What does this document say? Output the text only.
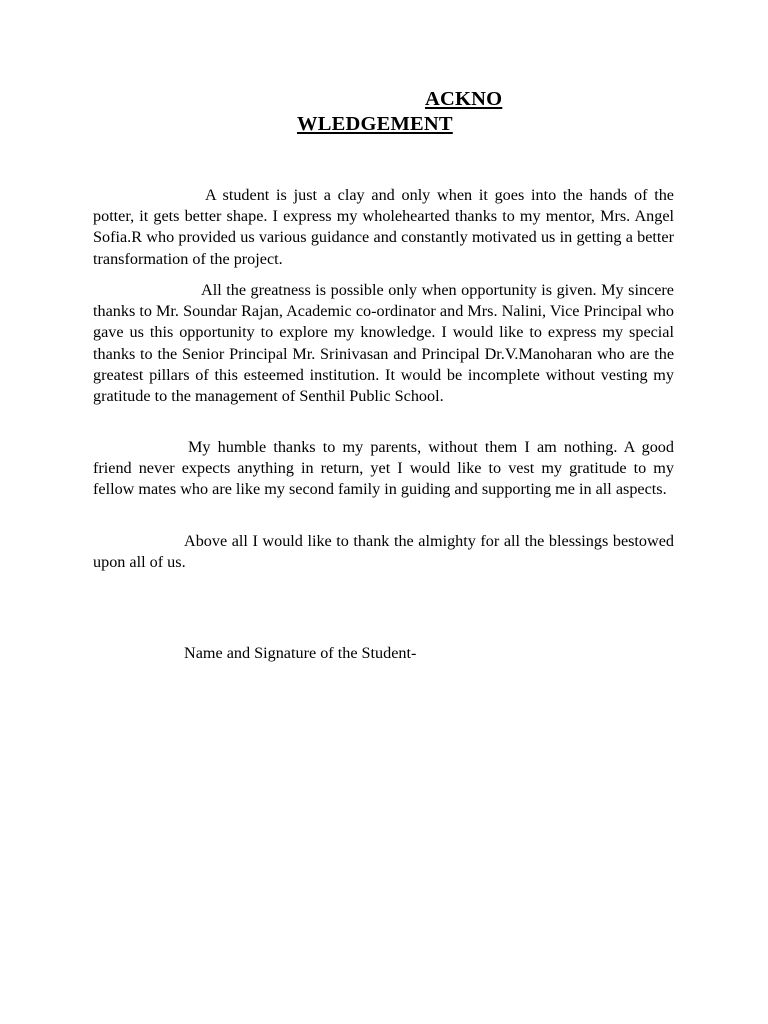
ACKNO
WLEDGEMENT

A student is just a clay and only when it goes into the hands of the potter, it gets better shape. I express my wholehearted thanks to my mentor, Mrs. Angel Sofia.R who provided us various guidance and constantly motivated us in getting a better transformation of the project.

All the greatness is possible only when opportunity is given. My sincere thanks to Mr. Soundar Rajan, Academic co-ordinator and Mrs. Nalini, Vice Principal who gave us this opportunity to explore my knowledge. I would like to express my special thanks to the Senior Principal Mr. Srinivasan and Principal Dr.V.Manoharan who are the greatest pillars of this esteemed institution. It would be incomplete without vesting my gratitude to the management of Senthil Public School.

My humble thanks to my parents, without them I am nothing. A good friend never expects anything in return, yet I would like to vest my gratitude to my fellow mates who are like my second family in guiding and supporting me in all aspects.

Above all I would like to thank the almighty for all the blessings bestowed upon all of us.

Name and Signature of the Student-
